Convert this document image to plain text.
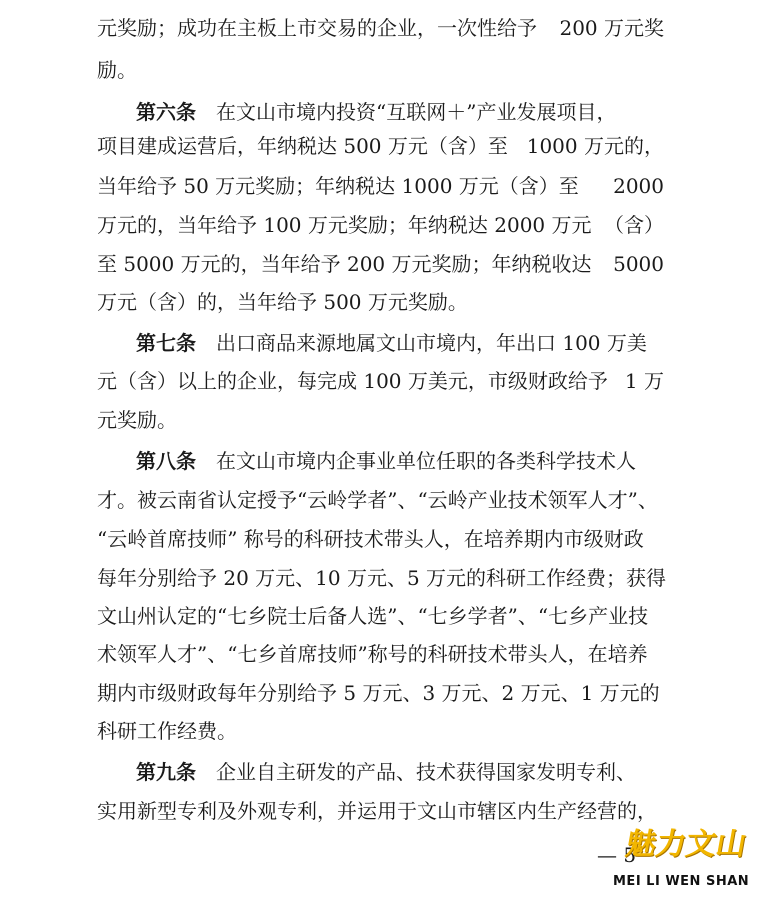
元奖励；成功在主板上市交易的企业，一次性给予 200 万元奖
励。
第六条　在文山市境内投资“互联网＋”产业发展项目，
项目建成运营后，年纳税达 500 万元（含）至 1000 万元的，
当年给予 50 万元奖励；年纳税达 1000 万元（含）至 2000
万元的，当年给予 100 万元奖励；年纳税达 2000 万元 （含）
至 5000 万元的，当年给予 200 万元奖励；年纳税收达 5000
万元（含）的，当年给予 500 万元奖励。
第七条　出口商品来源地属文山市境内，年出口 100 万美
元（含）以上的企业，每完成 100 万美元，市级财政给予 1 万
元奖励。
第八条　在文山市境内企事业单位任职的各类科学技术人
才。被云南省认定授予“云岭学者”、“云岭产业技术领军人才”、
“云岭首席技师” 称号的科研技术带头人，在培养期内市级财政
每年分别给予 20 万元、10 万元、5 万元的科研工作经费；获得
文山州认定的“七乡院士后备人选”、“七乡学者”、“七乡产业技
术领军人才”、“七乡首席技师”称号的科研技术带头人，在培养
期内市级财政每年分别给予 5 万元、3 万元、2 万元、1 万元的
科研工作经费。
第九条　企业自主研发的产品、技术获得国家发明专利、
实用新型专利及外观专利，并运用于文山市辖区内生产经营的，
— 5
魅力文山
MEI LI WEN SHAN
